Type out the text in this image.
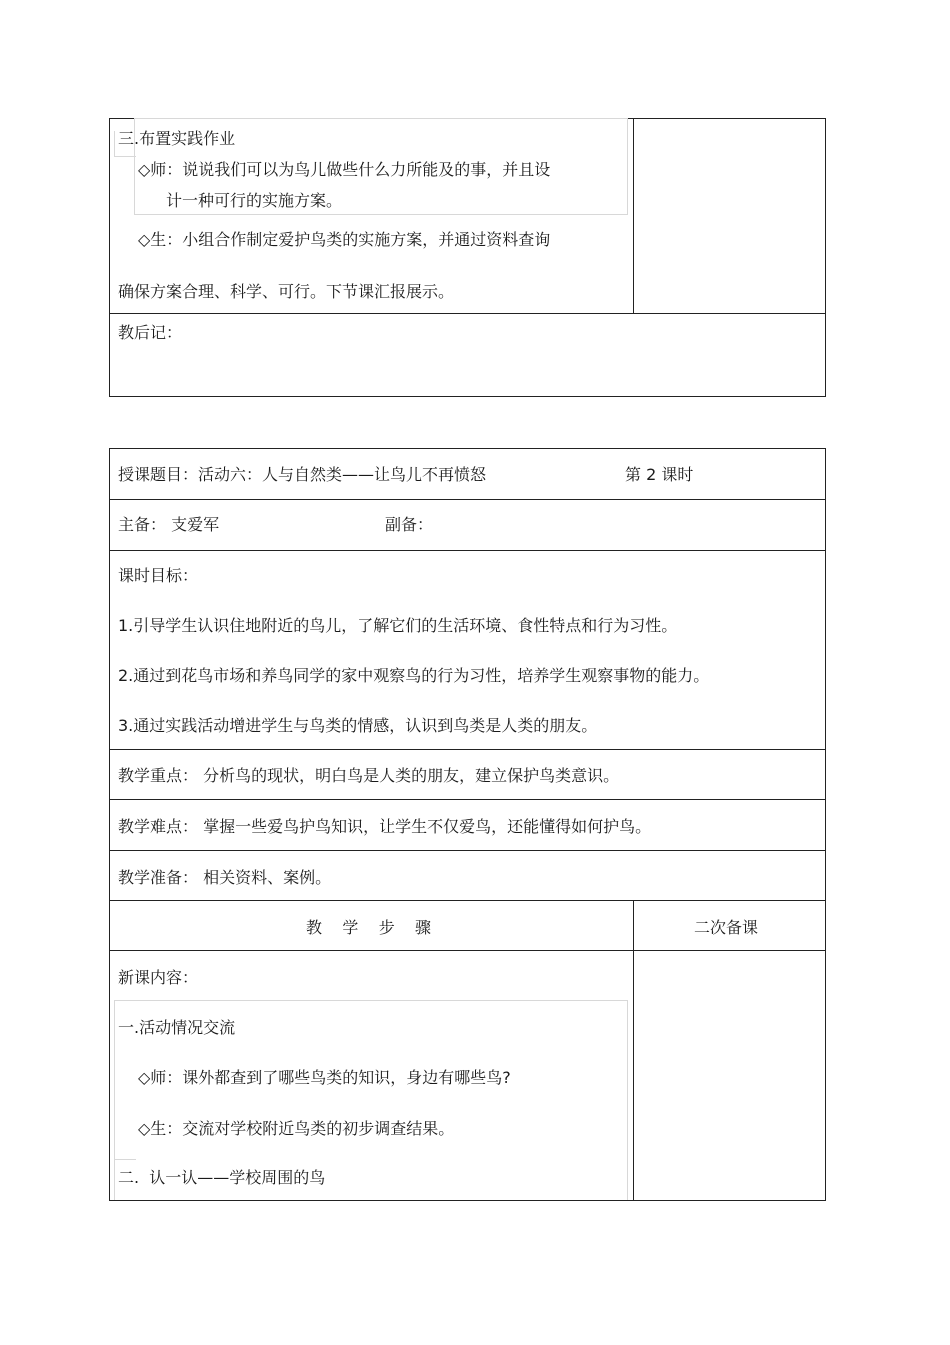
三.布置实践作业
◇师：说说我们可以为鸟儿做些什么力所能及的事，并且设
计一种可行的实施方案。
◇生：小组合作制定爱护鸟类的实施方案，并通过资料查询
确保方案合理、科学、可行。下节课汇报展示。
教后记：
授课题目：活动六：人与自然类——让鸟儿不再愤怒	第 2 课时
主备： 支爱军	副备：
课时目标：
1.引导学生认识住地附近的鸟儿，了解它们的生活环境、食性特点和行为习性。
2.通过到花鸟市场和养鸟同学的家中观察鸟的行为习性，培养学生观察事物的能力。
3.通过实践活动增进学生与鸟类的情感，认识到鸟类是人类的朋友。
教学重点： 分析鸟的现状，明白鸟是人类的朋友，建立保护鸟类意识。
教学难点： 掌握一些爱鸟护鸟知识，让学生不仅爱鸟，还能懂得如何护鸟。
教学准备： 相关资料、案例。
教    学    步    骤	二次备课
新课内容：
一.活动情况交流
◇师：课外都查到了哪些鸟类的知识，身边有哪些鸟?
◇生：交流对学校附近鸟类的初步调查结果。
二.  认一认——学校周围的鸟
